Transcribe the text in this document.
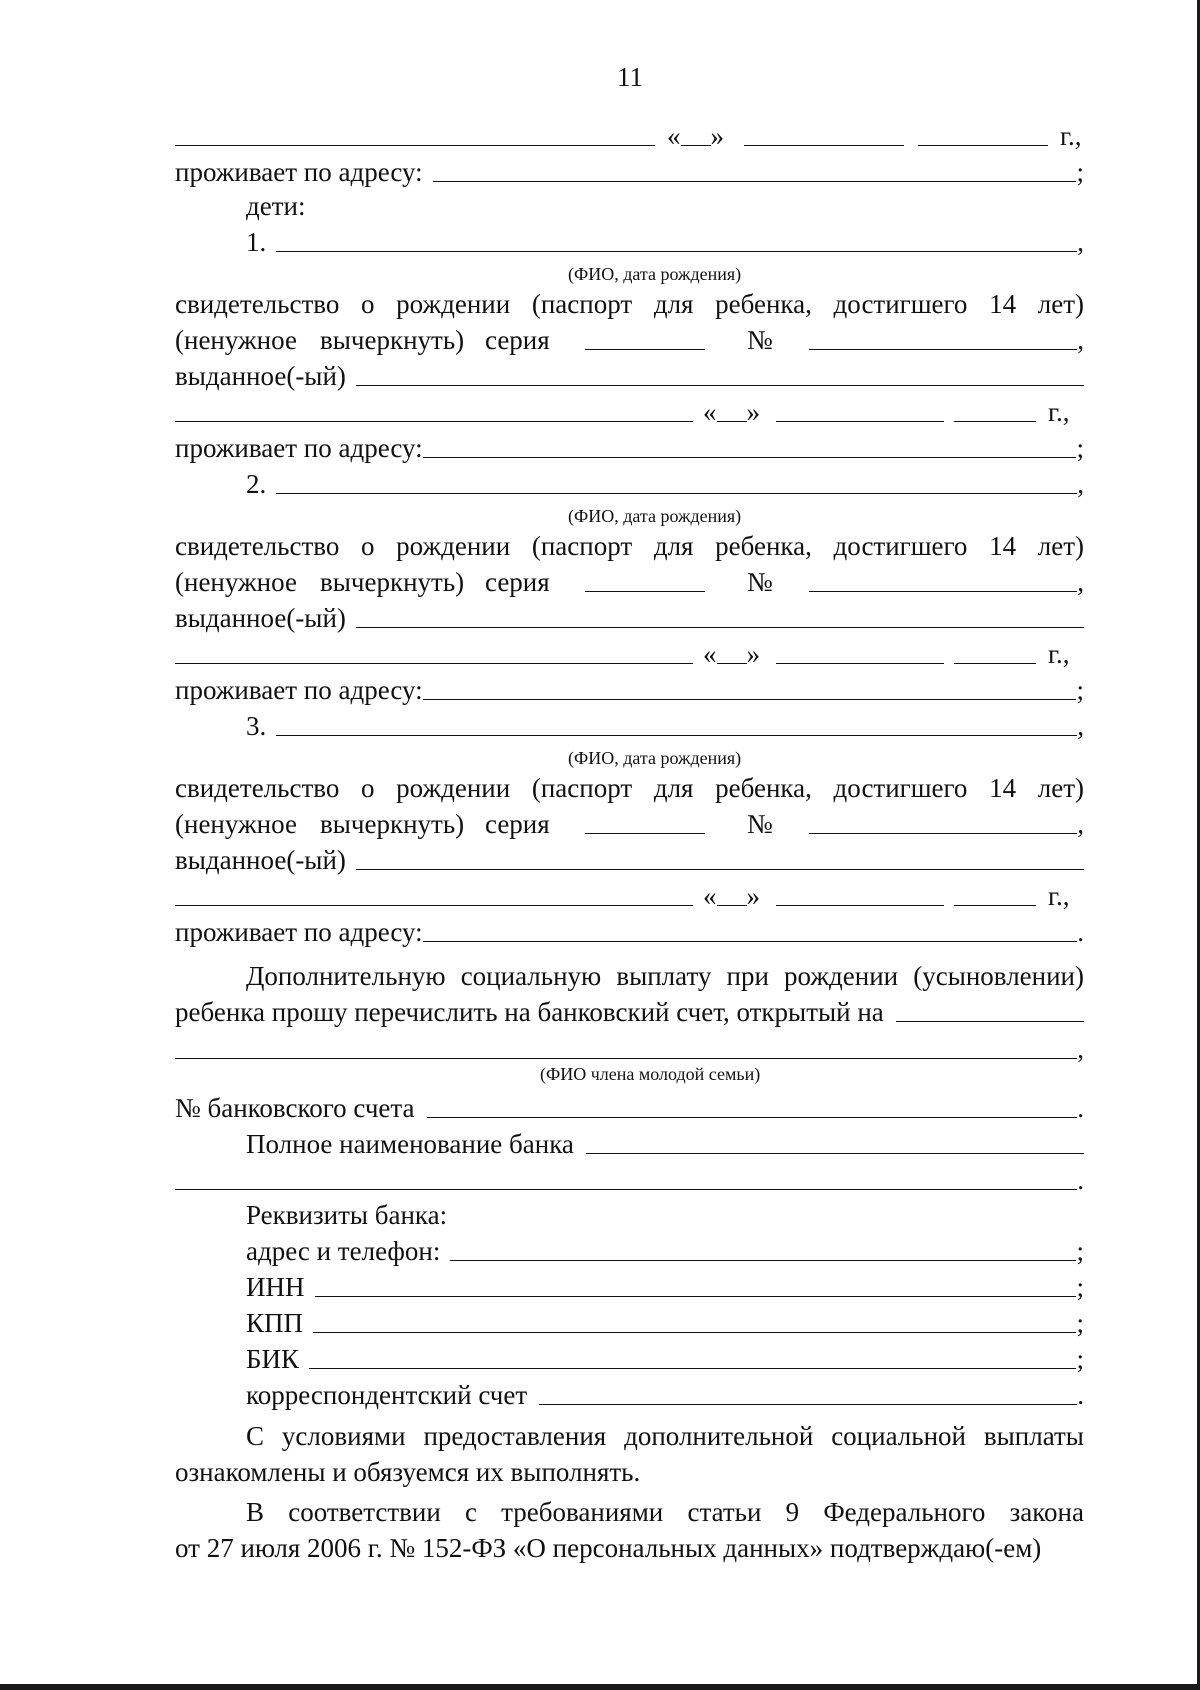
11
« »	г.,
проживает по адресу:	;
дети:
Дополнительную социальную выплату при рождении (усыновлении)
ребенка прошу перечислить на банковский счет, открытый на
,
(ФИО члена молодой семьи)
№ банковского счета	.
Полное наименование банка
.
Реквизиты банка:
адрес и телефон:	;
ИНН	;
КПП	;
БИК	;
корреспондентский счет	.
С условиями предоставления дополнительной социальной выплаты
ознакомлены и обязуемся их выполнять.
В соответствии с требованиями статьи 9 Федерального закона
от 27 июля 2006 г. № 152-ФЗ «О персональных данных» подтверждаю(-ем)
1.	,
(ФИО, дата рождения)
свидетельство о рождении (паспорт для ребенка, достигшего 14 лет)
(ненужное вычеркнуть) серия	№	,
выданное(-ый)
« »	г.,
проживает по адресу:	;
2.	,
(ФИО, дата рождения)
свидетельство о рождении (паспорт для ребенка, достигшего 14 лет)
(ненужное вычеркнуть) серия	№	,
выданное(-ый)
« »	г.,
проживает по адресу:	;
3.	,
(ФИО, дата рождения)
свидетельство о рождении (паспорт для ребенка, достигшего 14 лет)
(ненужное вычеркнуть) серия	№	,
выданное(-ый)
« »	г.,
проживает по адресу:	.
